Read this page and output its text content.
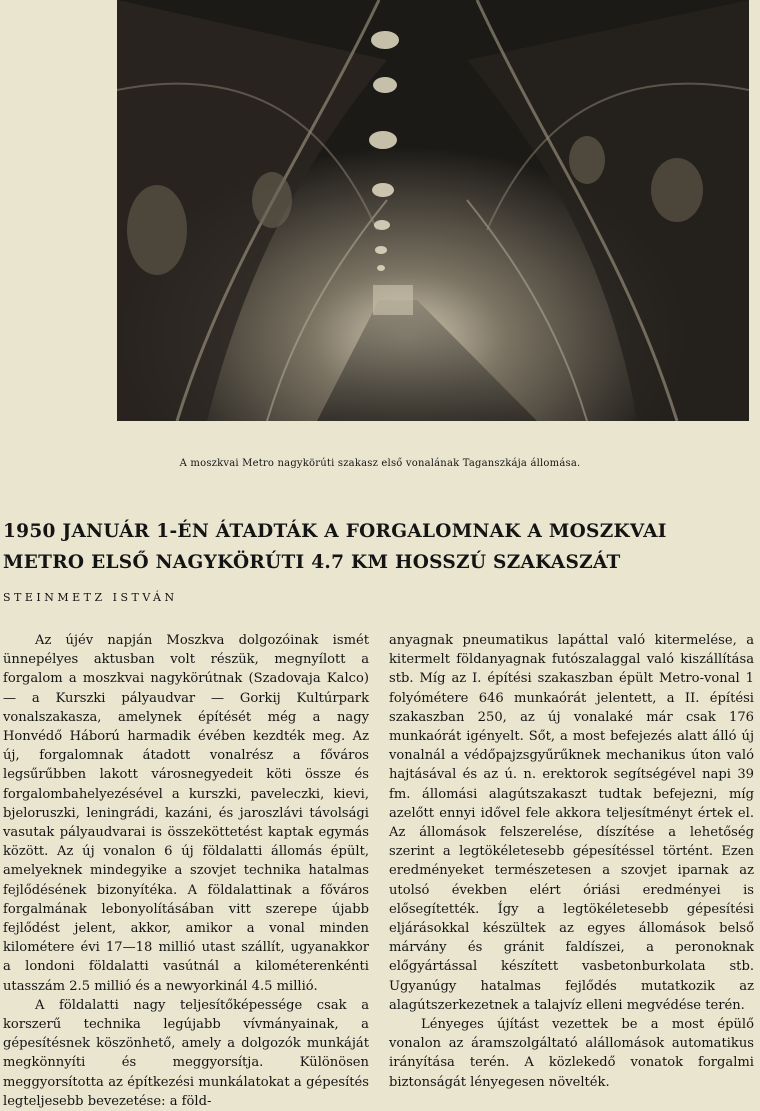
A moszkvai Metro nagykörúti szakasz első vonalának Taganszkája állomása.
1950 JANUÁR 1-ÉN ÁTADTÁK A FORGALOMNAK A MOSZKVAI
METRO ELSŐ NAGYKÖRÚTI 4.7 KM HOSSZÚ SZAKASZÁT
STEINMETZ ISTVÁN

Az újév napján Moszkva dolgozóinak ismét ünnepélyes aktusban volt részük, megnyílott a forgalom a moszkvai nagykörútnak (Szadovaja Kalco) — a Kurszki pályaudvar — Gorkij Kultúrpark vonalszakasza, amelynek építését még a nagy Honvédő Háború harmadik évében kezdték meg. Az új, forgalomnak átadott vonalrész a főváros legsűrűbben lakott városnegyedeit köti össze és forgalombahelyezésével a kurszki, paveleczki, kievi, bjeloruszki, leningrádi, kazáni, és jaroszlávi távolsági vasutak pályaudvarai is összeköttetést kaptak egymás között. Az új vonalon 6 új földalatti állomás épült, amelyeknek mindegyike a szovjet technika hatalmas fejlődésének bizonyítéka. A földalattinak a főváros forgalmának lebonyolításában vitt szerepe újabb fejlődést jelent, akkor, amikor a vonal minden kilométere évi 17—18 millió utast szállít, ugyanakkor a londoni földalatti vasútnál a kilométerenkénti utasszám 2.5 millió és a newyorkinál 4.5 millió.

A földalatti nagy teljesítőképessége csak a korszerű technika legújabb vívmányainak, a gépesítésnek köszönhető, amely a dolgozók munkáját megkönnyíti és meggyorsítja. Különösen meggyorsította az építkezési munkálatokat a gépesítés legteljesebb bevezetése: a föld-

anyagnak pneumatikus lapáttal való kitermelése, a kitermelt földanyagnak futószalaggal való kiszállítása stb. Míg az I. építési szakaszban épült Metro-vonal 1 folyómétere 646 munkaórát jelentett, a II. építési szakaszban 250, az új vonalaké már csak 176 munkaórát igényelt. Sőt, a most befejezés alatt álló új vonalnál a védőpajzsgyűrűknek mechanikus úton való hajtásával és az ú. n. erektorok segítségével napi 39 fm. állomási alagútszakaszt tudtak befejezni, míg azelőtt ennyi idővel fele akkora teljesítményt értek el. Az állomások felszerelése, díszítése a lehetőség szerint a legtökéletesebb gépesítéssel történt. Ezen eredményeket természetesen a szovjet iparnak az utolsó években elért óriási eredményei is elősegítették. Így a legtökéletesebb gépesítési eljárásokkal készültek az egyes állomások belső márvány és gránit faldíszei, a peronoknak előgyártással készített vasbetonburkolata stb. Ugyanúgy hatalmas fejlődés mutatkozik az alagútszerkezetnek a talajvíz elleni megvédése terén.

Lényeges újítást vezettek be a most épülő vonalon az áramszolgáltató alállomások automatikus irányítása terén. A közlekedő vonatok forgalmi biztonságát lényegesen növelték.
